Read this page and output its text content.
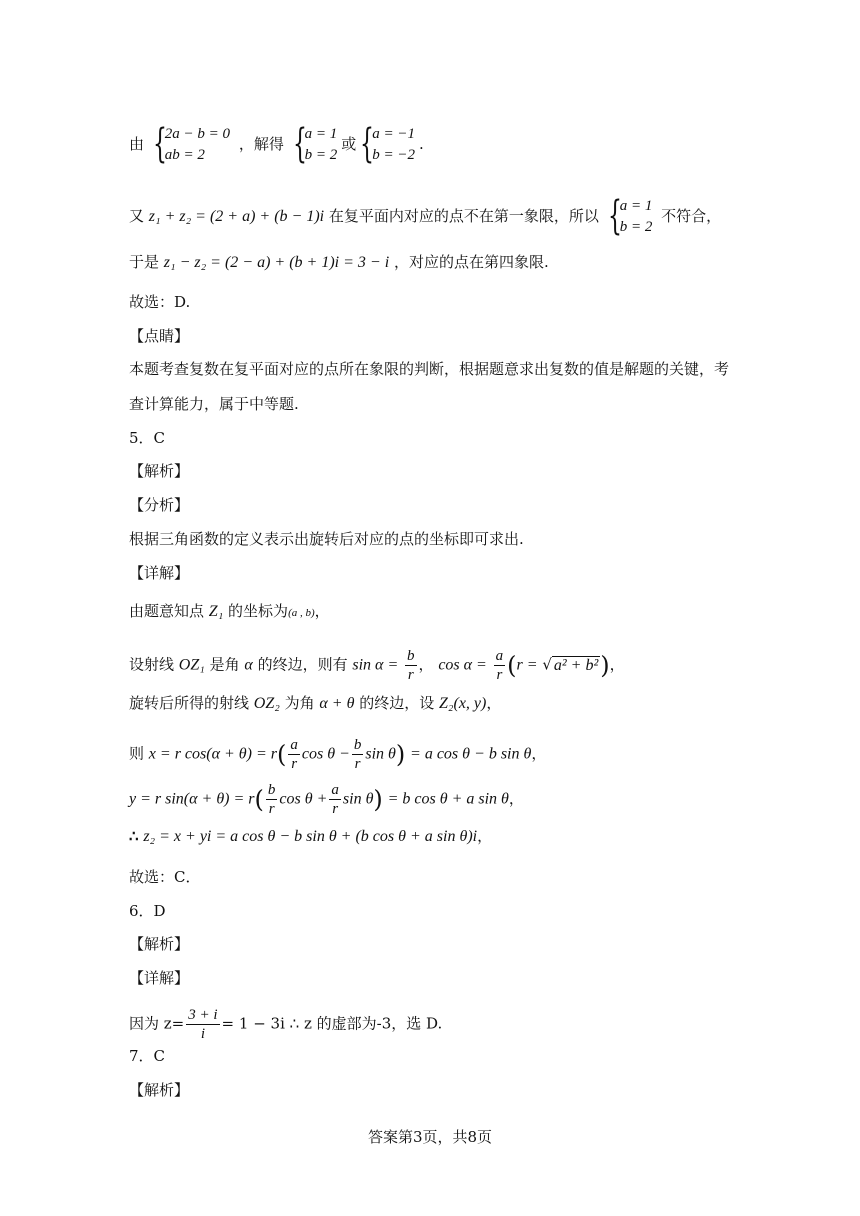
由 {
2a − b = 0
ab = 2
，解得 {
a = 1
b = 2
或 {
a = −1
b = −2
.
又 z₁ + z₂ = (2 + a) + (b − 1)i 在复平面内对应的点不在第一象限，所以 {
a = 1
b = 2
不符合，
于是 z₁ − z₂ = (2 − a) + (b + 1)i = 3 − i ，对应的点在第四象限.
故选：D.
【点睛】
本题考查复数在复平面对应的点所在象限的判断，根据题意求出复数的值是解题的关键，考
查计算能力，属于中等题.
5．C
【解析】
【分析】
根据三角函数的定义表示出旋转后对应的点的坐标即可求出.
【详解】
由题意知点 Z₁ 的坐标为(a , b)，
设射线 OZ₁ 是角 α 的终边，则有 $\sin \alpha = \frac{b}{r}$ ， $\cos \alpha = \frac{a}{r} (r$ = √ a² + b²)，
旋转后所得的射线 OZ₂ 为角 α + θ 的终边，设 Z₂(x, y)，
则 x = r $\cos(\alpha + \theta) = r( \frac{a}{r}$ $\cos \theta - \frac{b}{r}$ sin θ) = a cos θ − b sin θ，
y = r $\sin(\alpha + \theta) = r( \frac{b}{r}$ $\cos \theta + \frac{a}{r}$ sin θ) = b cos θ + a sin θ，
∴ z₂ = x + yi = a cos θ − b sin θ + (b cos θ + a sin θ)i，
故选：C．
6．D
【解析】
【详解】
因为 $z= \frac{3 + i}{i} = 1 - 3i$ ∴ z 的虚部为-3，选 D.
7．C
【解析】
答案第3页，共8页
